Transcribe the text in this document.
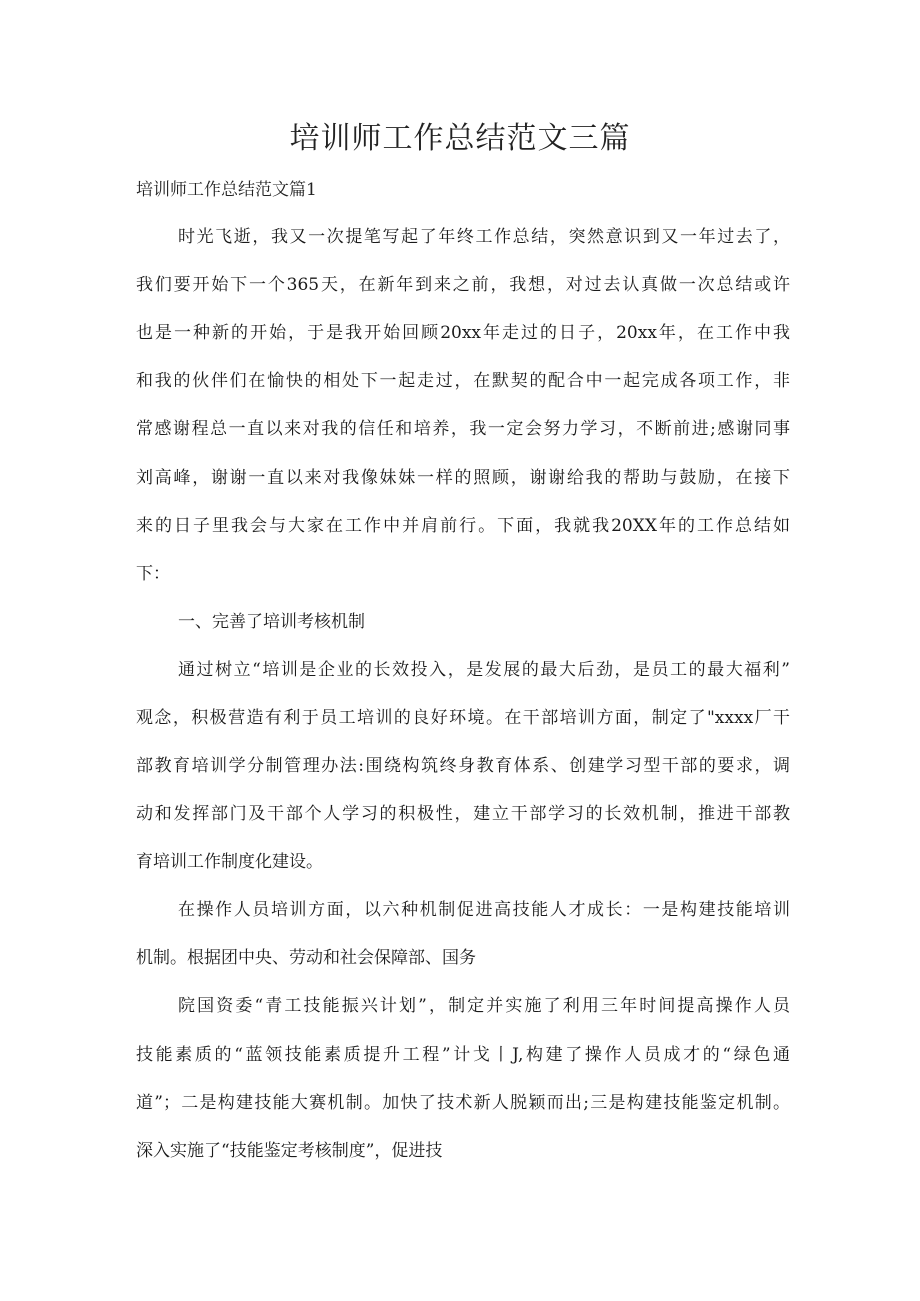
培训师工作总结范文三篇
培训师工作总结范文篇1
时光飞逝，我又一次提笔写起了年终工作总结，突然意识到又一年过去了，
我们要开始下一个365天，在新年到来之前，我想，对过去认真做一次总结或许
也是一种新的开始，于是我开始回顾20xx年走过的日子，20xx年，在工作中我
和我的伙伴们在愉快的相处下一起走过，在默契的配合中一起完成各项工作，非
常感谢程总一直以来对我的信任和培养，我一定会努力学习，不断前进;感谢同事
刘高峰，谢谢一直以来对我像妹妹一样的照顾，谢谢给我的帮助与鼓励，在接下
来的日子里我会与大家在工作中并肩前行。下面，我就我20XX年的工作总结如
下：
一、完善了培训考核机制
通过树立“培训是企业的长效投入，是发展的最大后劲，是员工的最大福利”
观念，积极营造有利于员工培训的良好环境。在干部培训方面，制定了"xxxx厂干
部教育培训学分制管理办法:围绕构筑终身教育体系、创建学习型干部的要求，调
动和发挥部门及干部个人学习的积极性，建立干部学习的长效机制，推进干部教
育培训工作制度化建设。
在操作人员培训方面，以六种机制促进高技能人才成长：一是构建技能培训
机制。根据团中央、劳动和社会保障部、国务
院国资委“青工技能振兴计划”，制定并实施了利用三年时间提高操作人员
技能素质的“蓝领技能素质提升工程”计戈丨J,构建了操作人员成才的“绿色通
道”；二是构建技能大赛机制。加快了技术新人脱颖而出;三是构建技能鉴定机制。
深入实施了“技能鉴定考核制度”，促进技
